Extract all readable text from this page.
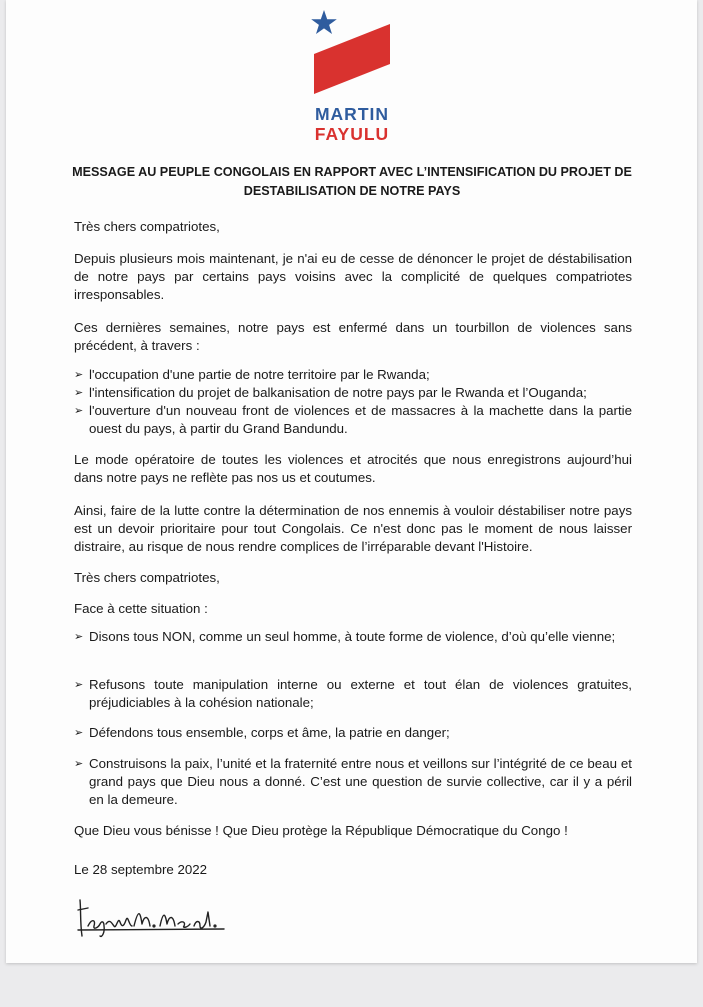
MARTIN
FAYULU
MESSAGE AU PEUPLE CONGOLAIS EN RAPPORT AVEC L’INTENSIFICATION DU PROJET DE
DESTABILISATION DE NOTRE PAYS

Très chers compatriotes,

Depuis plusieurs mois maintenant, je n'ai eu de cesse de dénoncer le projet de déstabilisation de notre pays par certains pays voisins avec la complicité de quelques compatriotes irresponsables.

Ces dernières semaines, notre pays est enfermé dans un tourbillon de violences sans précédent, à travers :

➢ l'occupation d'une partie de notre territoire par le Rwanda;
➢ l'intensification du projet de balkanisation de notre pays par le Rwanda et l’Ouganda;
➢ l'ouverture d'un nouveau front de violences et de massacres à la machette dans la partie ouest du pays, à partir du Grand Bandundu.

Le mode opératoire de toutes les violences et atrocités que nous enregistrons aujourd’hui dans notre pays ne reflète pas nos us et coutumes.

Ainsi, faire de la lutte contre la détermination de nos ennemis à vouloir déstabiliser notre pays est un devoir prioritaire pour tout Congolais. Ce n'est donc pas le moment de nous laisser distraire, au risque de nous rendre complices de l’irréparable devant l'Histoire.

Très chers compatriotes,

Face à cette situation :

➢ Disons tous NON, comme un seul homme, à toute forme de violence, d’où qu’elle vienne;
➢ Refusons toute manipulation interne ou externe et tout élan de violences gratuites, préjudiciables à la cohésion nationale;
➢ Défendons tous ensemble, corps et âme, la patrie en danger;
➢ Construisons la paix, l’unité et la fraternité entre nous et veillons sur l’intégrité de ce beau et grand pays que Dieu nous a donné. C’est une question de survie collective, car il y a péril en la demeure.

Que Dieu vous bénisse ! Que Dieu protège la République Démocratique du Congo !

Le 28 septembre 2022
